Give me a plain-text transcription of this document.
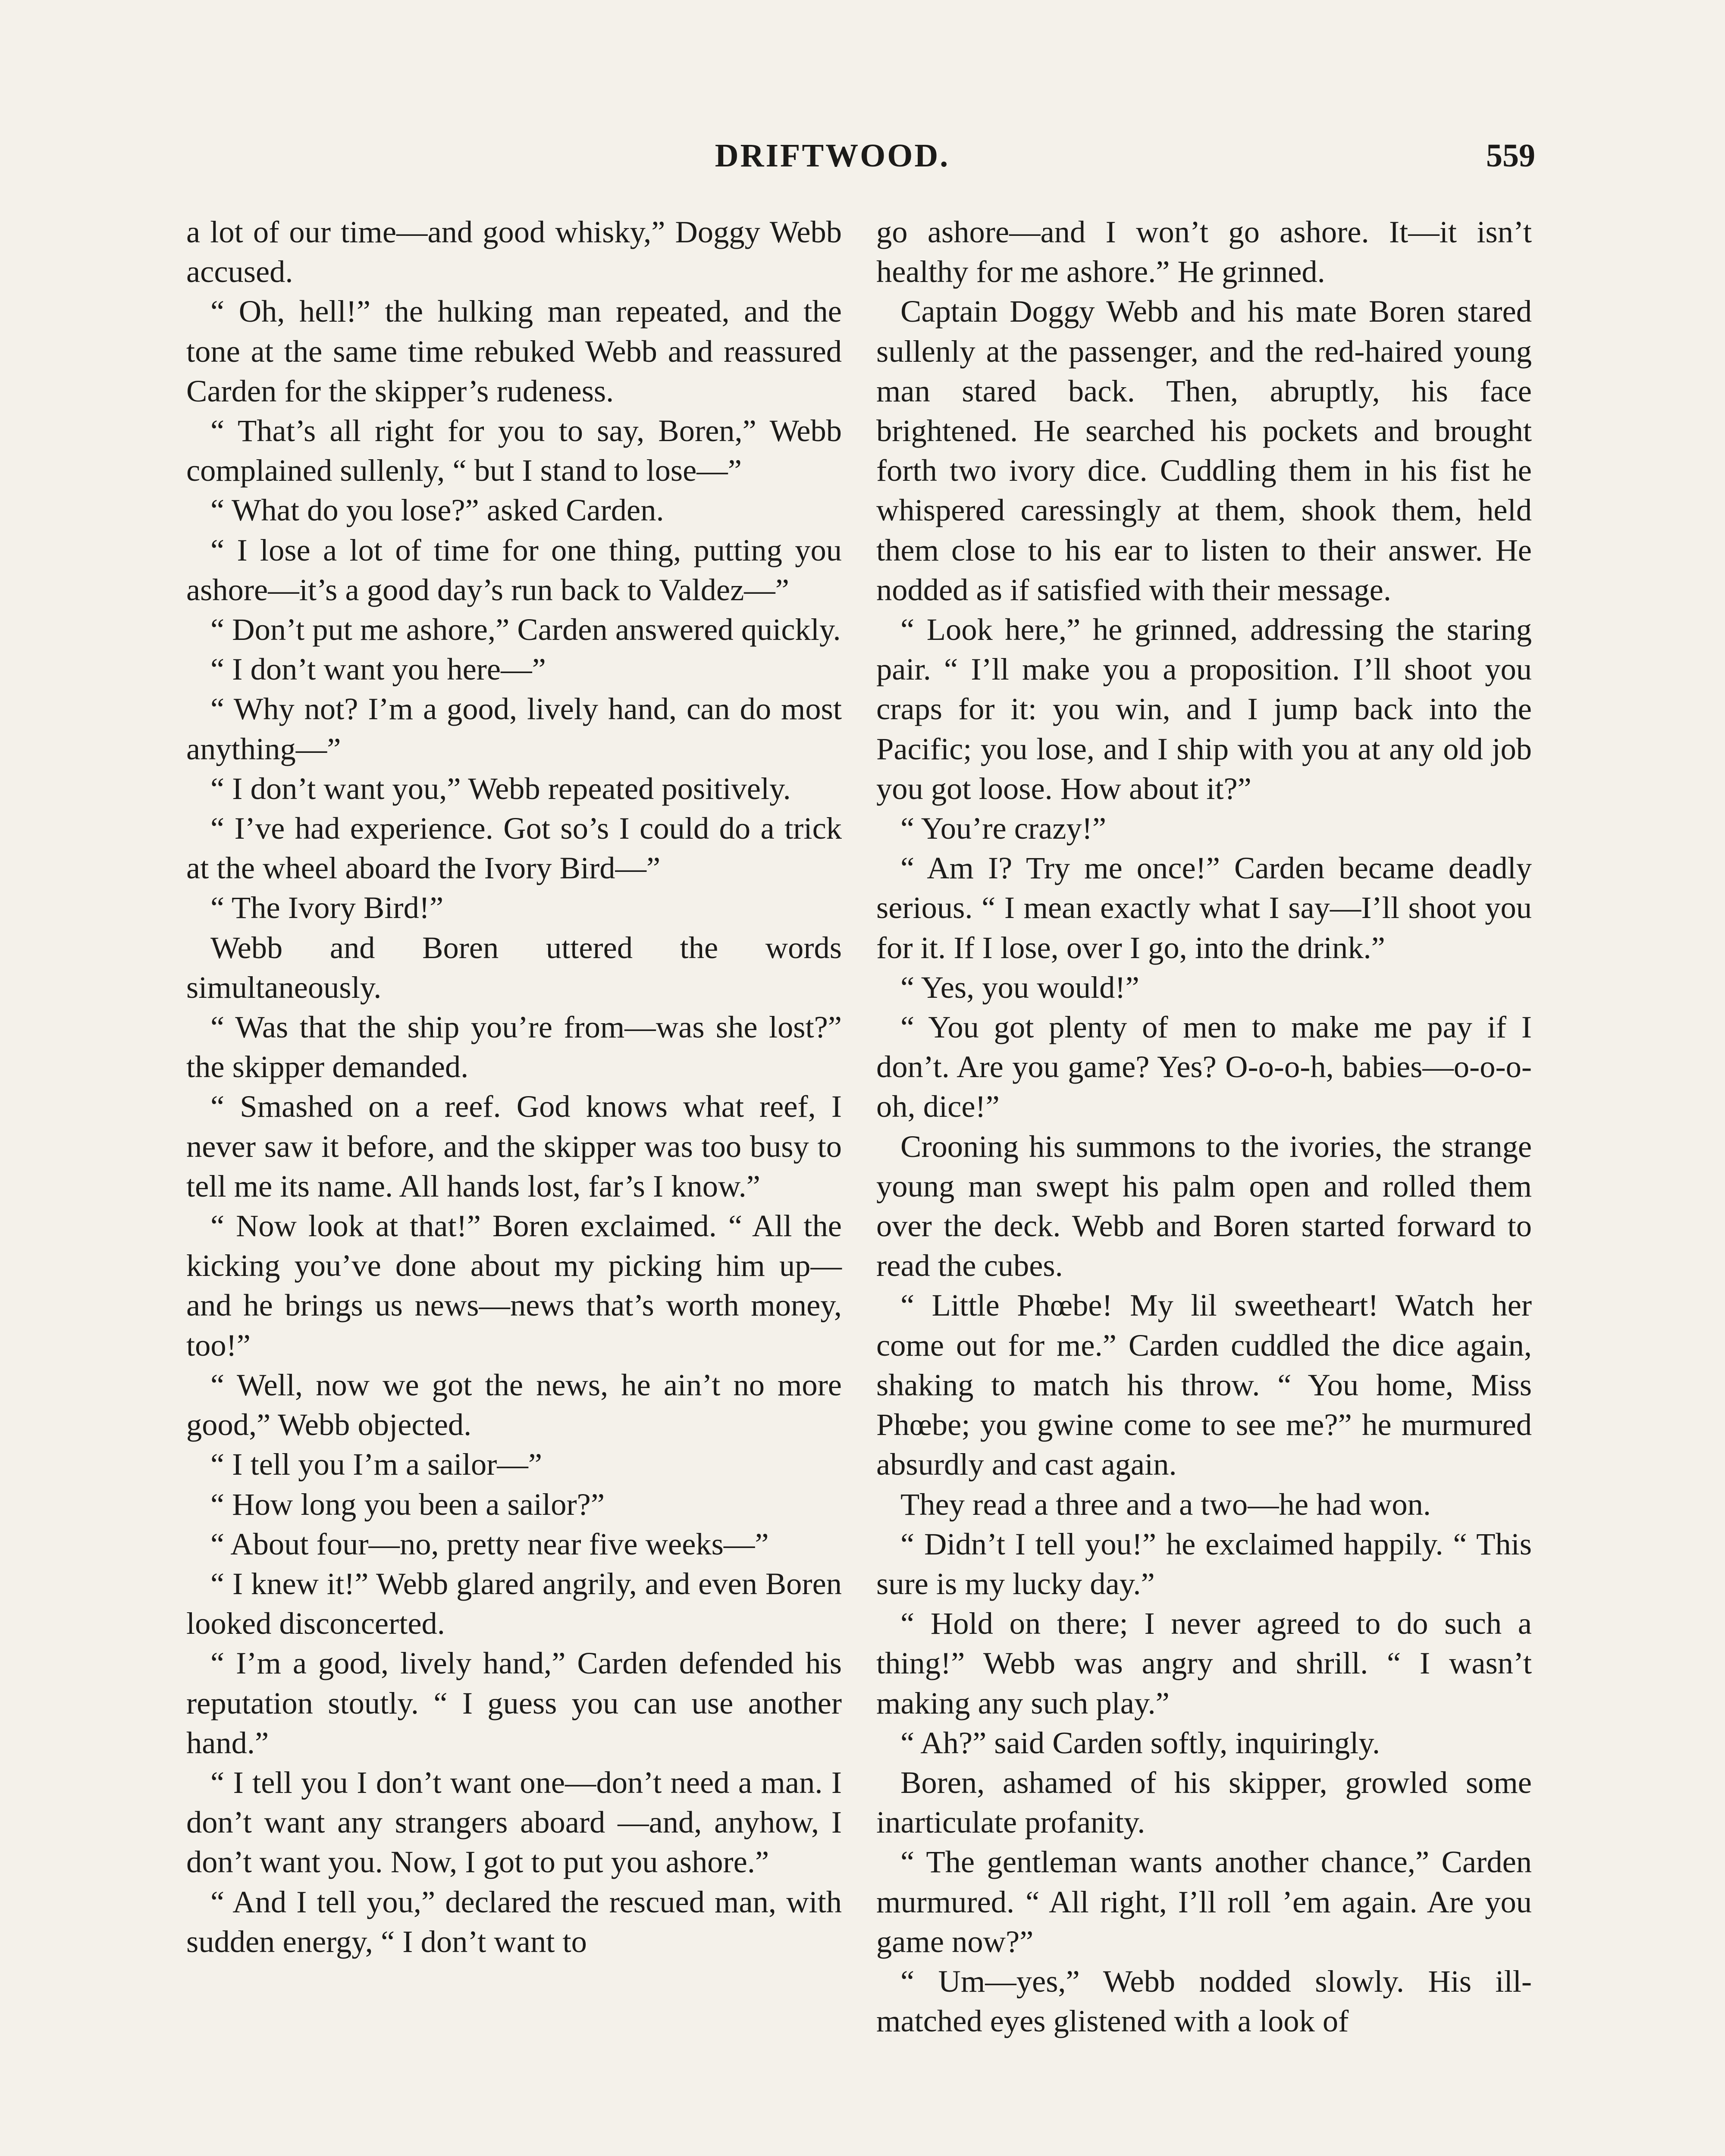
DRIFTWOOD.	559

a lot of our time—and good whisky,” Doggy Webb accused.

“ Oh, hell!” the hulking man repeated, and the tone at the same time rebuked Webb and reassured Carden for the skipper’s rudeness.

“ That’s all right for you to say, Boren,” Webb complained sullenly, “ but I stand to lose—”

“ What do you lose?” asked Carden.

“ I lose a lot of time for one thing, putting you ashore—it’s a good day’s run back to Valdez—”

“ Don’t put me ashore,” Carden answered quickly.

“ I don’t want you here—”

“ Why not? I’m a good, lively hand, can do most anything—”

“ I don’t want you,” Webb repeated positively.

“ I’ve had experience. Got so’s I could do a trick at the wheel aboard the Ivory Bird—”

“ The Ivory Bird!”

Webb and Boren uttered the words simultaneously.

“ Was that the ship you’re from—was she lost?” the skipper demanded.

“ Smashed on a reef. God knows what reef, I never saw it before, and the skipper was too busy to tell me its name. All hands lost, far’s I know.”

“ Now look at that!” Boren exclaimed. “ All the kicking you’ve done about my picking him up—and he brings us news—news that’s worth money, too!”

“ Well, now we got the news, he ain’t no more good,” Webb objected.

“ I tell you I’m a sailor—”

“ How long you been a sailor?”

“ About four—no, pretty near five weeks—”

“ I knew it!” Webb glared angrily, and even Boren looked disconcerted.

“ I’m a good, lively hand,” Carden defended his reputation stoutly. “ I guess you can use another hand.”

“ I tell you I don’t want one—don’t need a man. I don’t want any strangers aboard —and, anyhow, I don’t want you. Now, I got to put you ashore.”

“ And I tell you,” declared the rescued man, with sudden energy, “ I don’t want to

go ashore—and I won’t go ashore. It—it isn’t healthy for me ashore.” He grinned.

Captain Doggy Webb and his mate Boren stared sullenly at the passenger, and the red-haired young man stared back. Then, abruptly, his face brightened. He searched his pockets and brought forth two ivory dice. Cuddling them in his fist he whispered caressingly at them, shook them, held them close to his ear to listen to their answer. He nodded as if satisfied with their message.

“ Look here,” he grinned, addressing the staring pair. “ I’ll make you a proposition. I’ll shoot you craps for it: you win, and I jump back into the Pacific; you lose, and I ship with you at any old job you got loose. How about it?”

“ You’re crazy!”

“ Am I? Try me once!” Carden became deadly serious. “ I mean exactly what I say—I’ll shoot you for it. If I lose, over I go, into the drink.”

“ Yes, you would!”

“ You got plenty of men to make me pay if I don’t. Are you game? Yes? O-o-o-h, babies—o-o-o-oh, dice!”

Crooning his summons to the ivories, the strange young man swept his palm open and rolled them over the deck. Webb and Boren started forward to read the cubes.

“ Little Phœbe! My lil sweetheart! Watch her come out for me.” Carden cuddled the dice again, shaking to match his throw. “ You home, Miss Phœbe; you gwine come to see me?” he murmured absurdly and cast again.

They read a three and a two—he had won.

“ Didn’t I tell you!” he exclaimed happily. “ This sure is my lucky day.”

“ Hold on there; I never agreed to do such a thing!” Webb was angry and shrill. “ I wasn’t making any such play.”

“ Ah?” said Carden softly, inquiringly.

Boren, ashamed of his skipper, growled some inarticulate profanity.

“ The gentleman wants another chance,” Carden murmured. “ All right, I’ll roll ’em again. Are you game now?”

“ Um—yes,” Webb nodded slowly. His ill-matched eyes glistened with a look of
